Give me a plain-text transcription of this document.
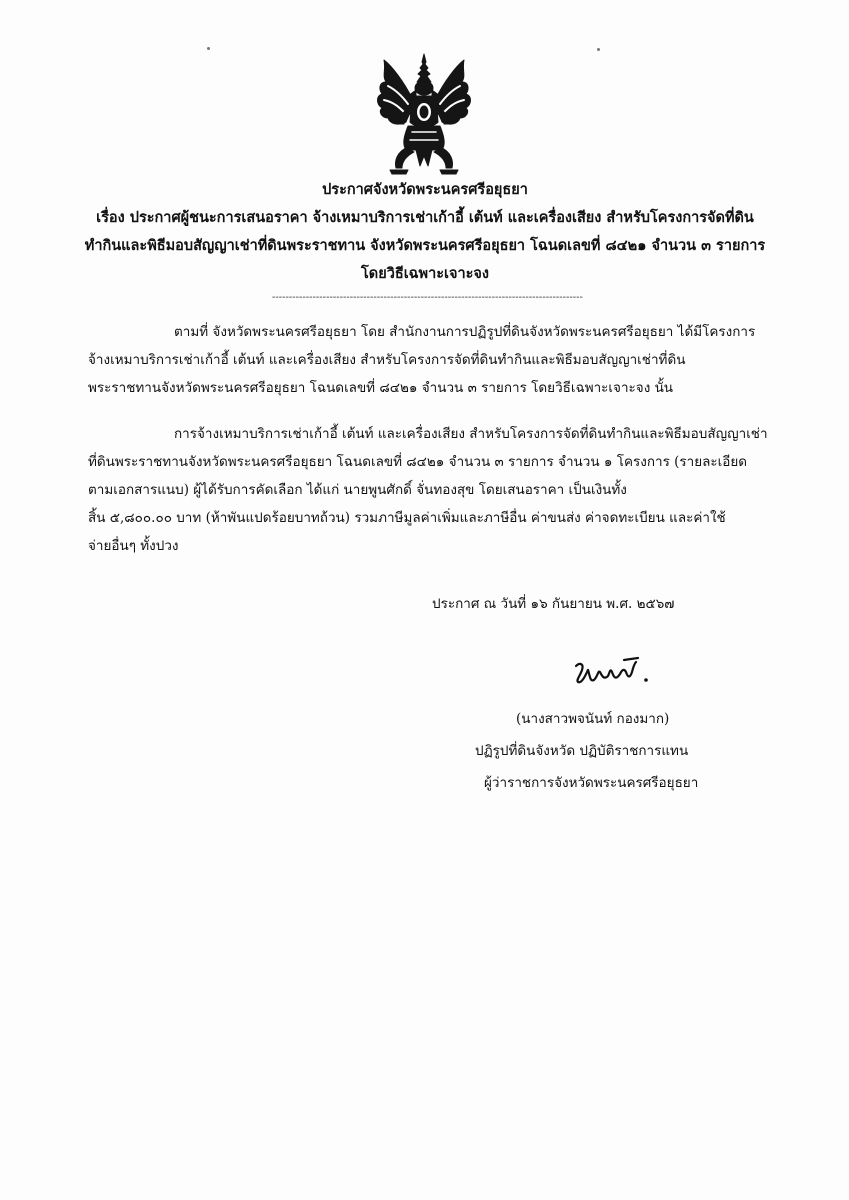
ประกาศจังหวัดพระนครศรีอยุธยา
เรื่อง ประกาศผู้ชนะการเสนอราคา จ้างเหมาบริการเช่าเก้าอี้ เต้นท์ และเครื่องเสียง สำหรับโครงการจัดที่ดิน
ทำกินและพิธีมอบสัญญาเช่าที่ดินพระราชทาน จังหวัดพระนครศรีอยุธยา โฉนดเลขที่ ๘๔๒๑ จำนวน ๓ รายการ
โดยวิธีเฉพาะเจาะจง
--------------------------------------------------------------------------------------------
ตามที่ จังหวัดพระนครศรีอยุธยา โดย สำนักงานการปฏิรูปที่ดินจังหวัดพระนครศรีอยุธยา ได้มีโครงการ
จ้างเหมาบริการเช่าเก้าอี้ เต้นท์ และเครื่องเสียง สำหรับโครงการจัดที่ดินทำกินและพิธีมอบสัญญาเช่าที่ดิน
พระราชทานจังหวัดพระนครศรีอยุธยา โฉนดเลขที่ ๘๔๒๑ จำนวน ๓ รายการ โดยวิธีเฉพาะเจาะจง นั้น
การจ้างเหมาบริการเช่าเก้าอี้ เต้นท์ และเครื่องเสียง สำหรับโครงการจัดที่ดินทำกินและพิธีมอบสัญญาเช่า
ที่ดินพระราชทานจังหวัดพระนครศรีอยุธยา โฉนดเลขที่ ๘๔๒๑ จำนวน ๓ รายการ จำนวน ๑ โครงการ (รายละเอียด
ตามเอกสารแนบ) ผู้ได้รับการคัดเลือก ได้แก่ นายพูนศักดิ์ จั่นทองสุข โดยเสนอราคา เป็นเงินทั้ง
สิ้น ๕,๘๐๐.๐๐ บาท (ห้าพันแปดร้อยบาทถ้วน) รวมภาษีมูลค่าเพิ่มและภาษีอื่น ค่าขนส่ง ค่าจดทะเบียน และค่าใช้
จ่ายอื่นๆ ทั้งปวง
ประกาศ ณ วันที่ ๑๖ กันยายน พ.ศ. ๒๕๖๗
(นางสาวพจนันท์ กองมาก)
ปฏิรูปที่ดินจังหวัด ปฏิบัติราชการแทน
ผู้ว่าราชการจังหวัดพระนครศรีอยุธยา
